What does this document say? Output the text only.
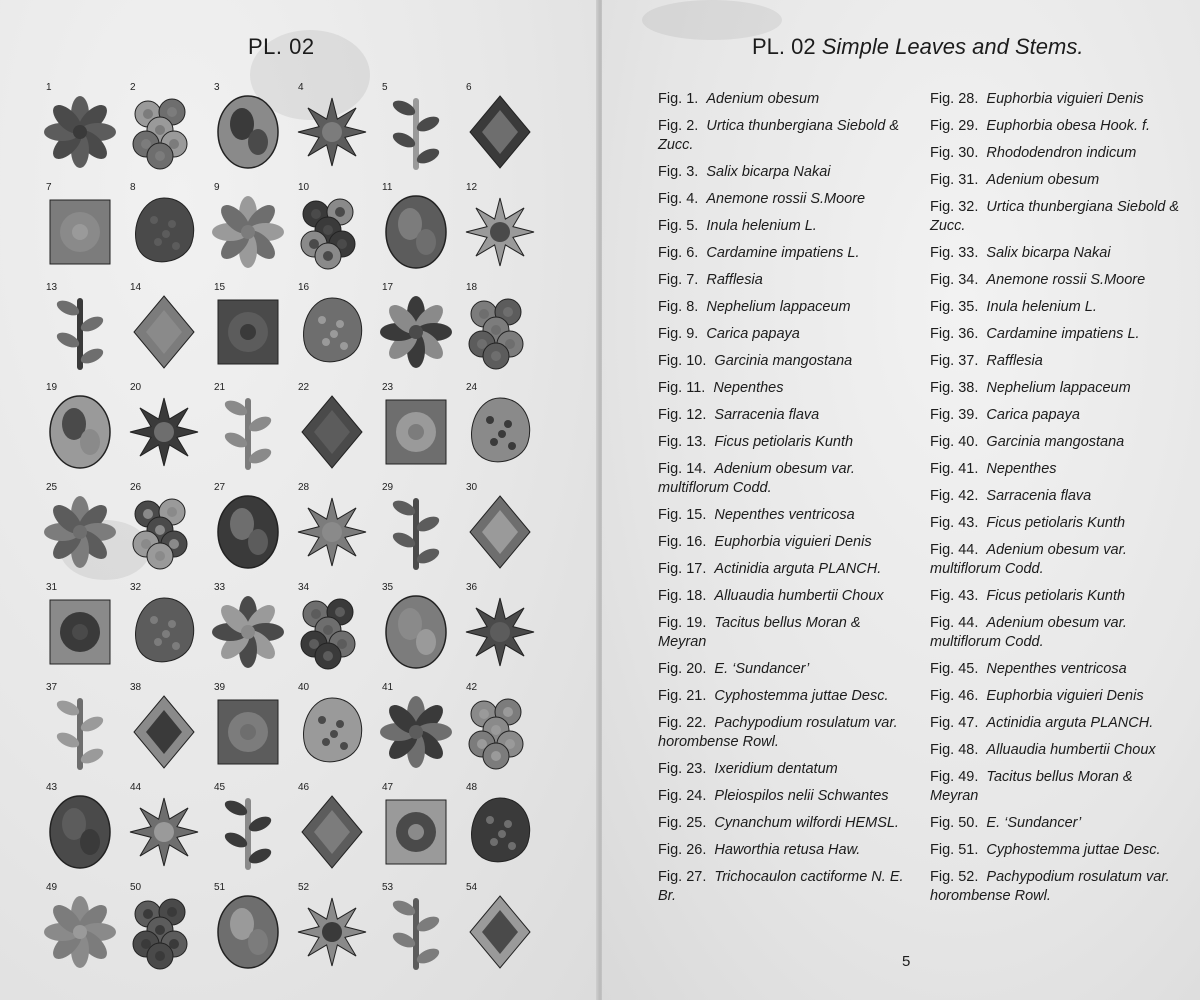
PL. 02
1	2	3	4	5	6
7	8	9	10	11	12
13	14	15	16	17	18
19	20	21	22	23	24
25	26	27	28	29	30
31	32	33	34	35	36
37	38	39	40	41	42
43	44	45	46	47	48
49	50	51	52	53	54
PL. 02 Simple Leaves and Stems.
Fig. 1. Adenium obesum
Fig. 2. Urtica thunbergiana Siebold & Zucc.
Fig. 3. Salix bicarpa Nakai
Fig. 4. Anemone rossii S.Moore
Fig. 5. Inula helenium L.
Fig. 6. Cardamine impatiens L.
Fig. 7. Rafflesia
Fig. 8. Nephelium lappaceum
Fig. 9. Carica papaya
Fig. 10. Garcinia mangostana
Fig. 11. Nepenthes
Fig. 12. Sarracenia flava
Fig. 13. Ficus petiolaris Kunth
Fig. 14. Adenium obesum var. multiflorum Codd.
Fig. 15. Nepenthes ventricosa
Fig. 16. Euphorbia viguieri Denis
Fig. 17. Actinidia arguta PLANCH.
Fig. 18. Alluaudia humbertii Choux
Fig. 19. Tacitus bellus Moran & Meyran
Fig. 20. E. ‘Sundancer’
Fig. 21. Cyphostemma juttae Desc.
Fig. 22. Pachypodium rosulatum var. horombense Rowl.
Fig. 23. Ixeridium dentatum
Fig. 24. Pleiospilos nelii Schwantes
Fig. 25. Cynanchum wilfordi HEMSL.
Fig. 26. Haworthia retusa Haw.
Fig. 27. Trichocaulon cactiforme N. E. Br.
Fig. 28. Euphorbia viguieri Denis
Fig. 29. Euphorbia obesa Hook. f.
Fig. 30. Rhododendron indicum
Fig. 31. Adenium obesum
Fig. 32. Urtica thunbergiana Siebold & Zucc.
Fig. 33. Salix bicarpa Nakai
Fig. 34. Anemone rossii S.Moore
Fig. 35. Inula helenium L.
Fig. 36. Cardamine impatiens L.
Fig. 37. Rafflesia
Fig. 38. Nephelium lappaceum
Fig. 39. Carica papaya
Fig. 40. Garcinia mangostana
Fig. 41. Nepenthes
Fig. 42. Sarracenia flava
Fig. 43. Ficus petiolaris Kunth
Fig. 44. Adenium obesum var. multiflorum Codd.
Fig. 43. Ficus petiolaris Kunth
Fig. 44. Adenium obesum var. multiflorum Codd.
Fig. 45. Nepenthes ventricosa
Fig. 46. Euphorbia viguieri Denis
Fig. 47. Actinidia arguta PLANCH.
Fig. 48. Alluaudia humbertii Choux
Fig. 49. Tacitus bellus Moran & Meyran
Fig. 50. E. ‘Sundancer’
Fig. 51. Cyphostemma juttae Desc.
Fig. 52. Pachypodium rosulatum var. horombense Rowl.
5
